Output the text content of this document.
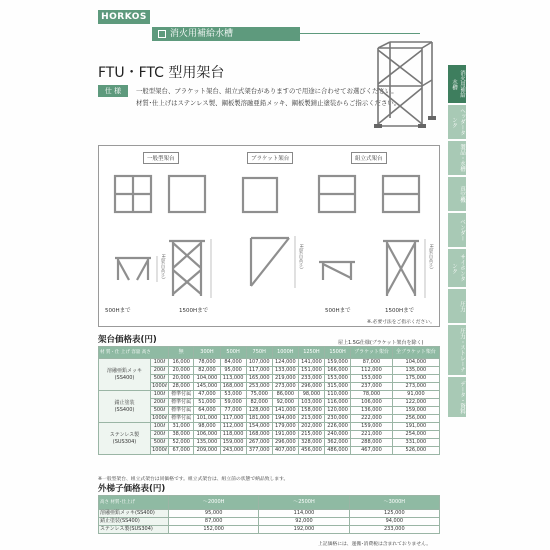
HORKOS
消火用補給水槽
FTU・FTC 型用架台
仕 様	一般型架台、ブラケット架台、組立式架台がありますので用途に合わせてお選びください。
材質･仕上げはステンレス製、鋼板製溶融亜鉛メッキ、鋼板製錆止塗装からご指示ください。
消火用補給水槽
ヘッダータンク
製品・水槽
真空機
ベンダー
サイホンタンク
圧力
圧力・ストレーナ
データ・資料
一般型架台	ブラケット架台	組立式架台
H(架台高さ)	H(架台高さ)	H(架台高さ)
500Hまで	1500Hまで	500Hまで	1500Hまで
※.必要寸法をご指示ください。
架台価格表(円)	屋上1.5G仕様(ブラケット架台を除く)
材 質・仕 上げ 容量 高さ		無	300H	500H	750H	1000H	1250H	1500H	ブラケット架台	全ブラケット架台
溶融亜鉛メッキ
(SS400)	100ℓ	16,000	78,000	84,000	107,000	124,000	141,000	159,000	87,000	104,000
	200ℓ	20,000	82,000	95,000	117,000	133,000	151,000	166,000	112,000	135,000
	500ℓ	20,000	104,000	113,000	165,000	219,000	233,000	153,000	153,000	175,000
	1000ℓ	28,000	145,000	168,000	253,000	273,000	296,000	315,000	237,000	273,000
錆止塗装
(SS400)	100ℓ	標準付属	47,000	53,000	75,000	86,000	98,000	110,000	78,000	91,000
	200ℓ	標準付属	51,000	59,000	82,000	92,000	103,000	116,000	106,000	122,000
	500ℓ	標準付属	64,000	77,000	128,000	141,000	158,000	120,000	136,000	159,000
	1000ℓ	標準付属	101,000	117,000	181,000	194,000	213,000	230,000	222,000	256,000
ステンレス製
(SUS304)	100ℓ	31,000	98,000	112,000	154,000	179,000	202,000	226,000	159,000	191,000
	200ℓ	38,000	106,000	118,000	168,000	191,000	215,000	240,000	221,000	254,000
	500ℓ	52,000	135,000	159,000	267,000	296,000	328,000	362,000	288,000	331,000
	1000ℓ	67,000	209,000	243,000	377,000	407,000	456,000	486,000	467,000	526,000
※一般型架台、組立式架台は同価格です。組立式架台は、組立前の状態で納品致します。
外梯子価格表(円)
高さ 材質･仕上げ	〜2000H	〜2500H	〜3000H
溶融亜鉛メッキ(SS400)	95,000	114,000	125,000
錆止塗装(SS400)	87,000	92,000	94,000
ステンレス製(SUS304)	152,000	192,000	233,000
上記価格には、運搬･消費税は含まれておりません。
